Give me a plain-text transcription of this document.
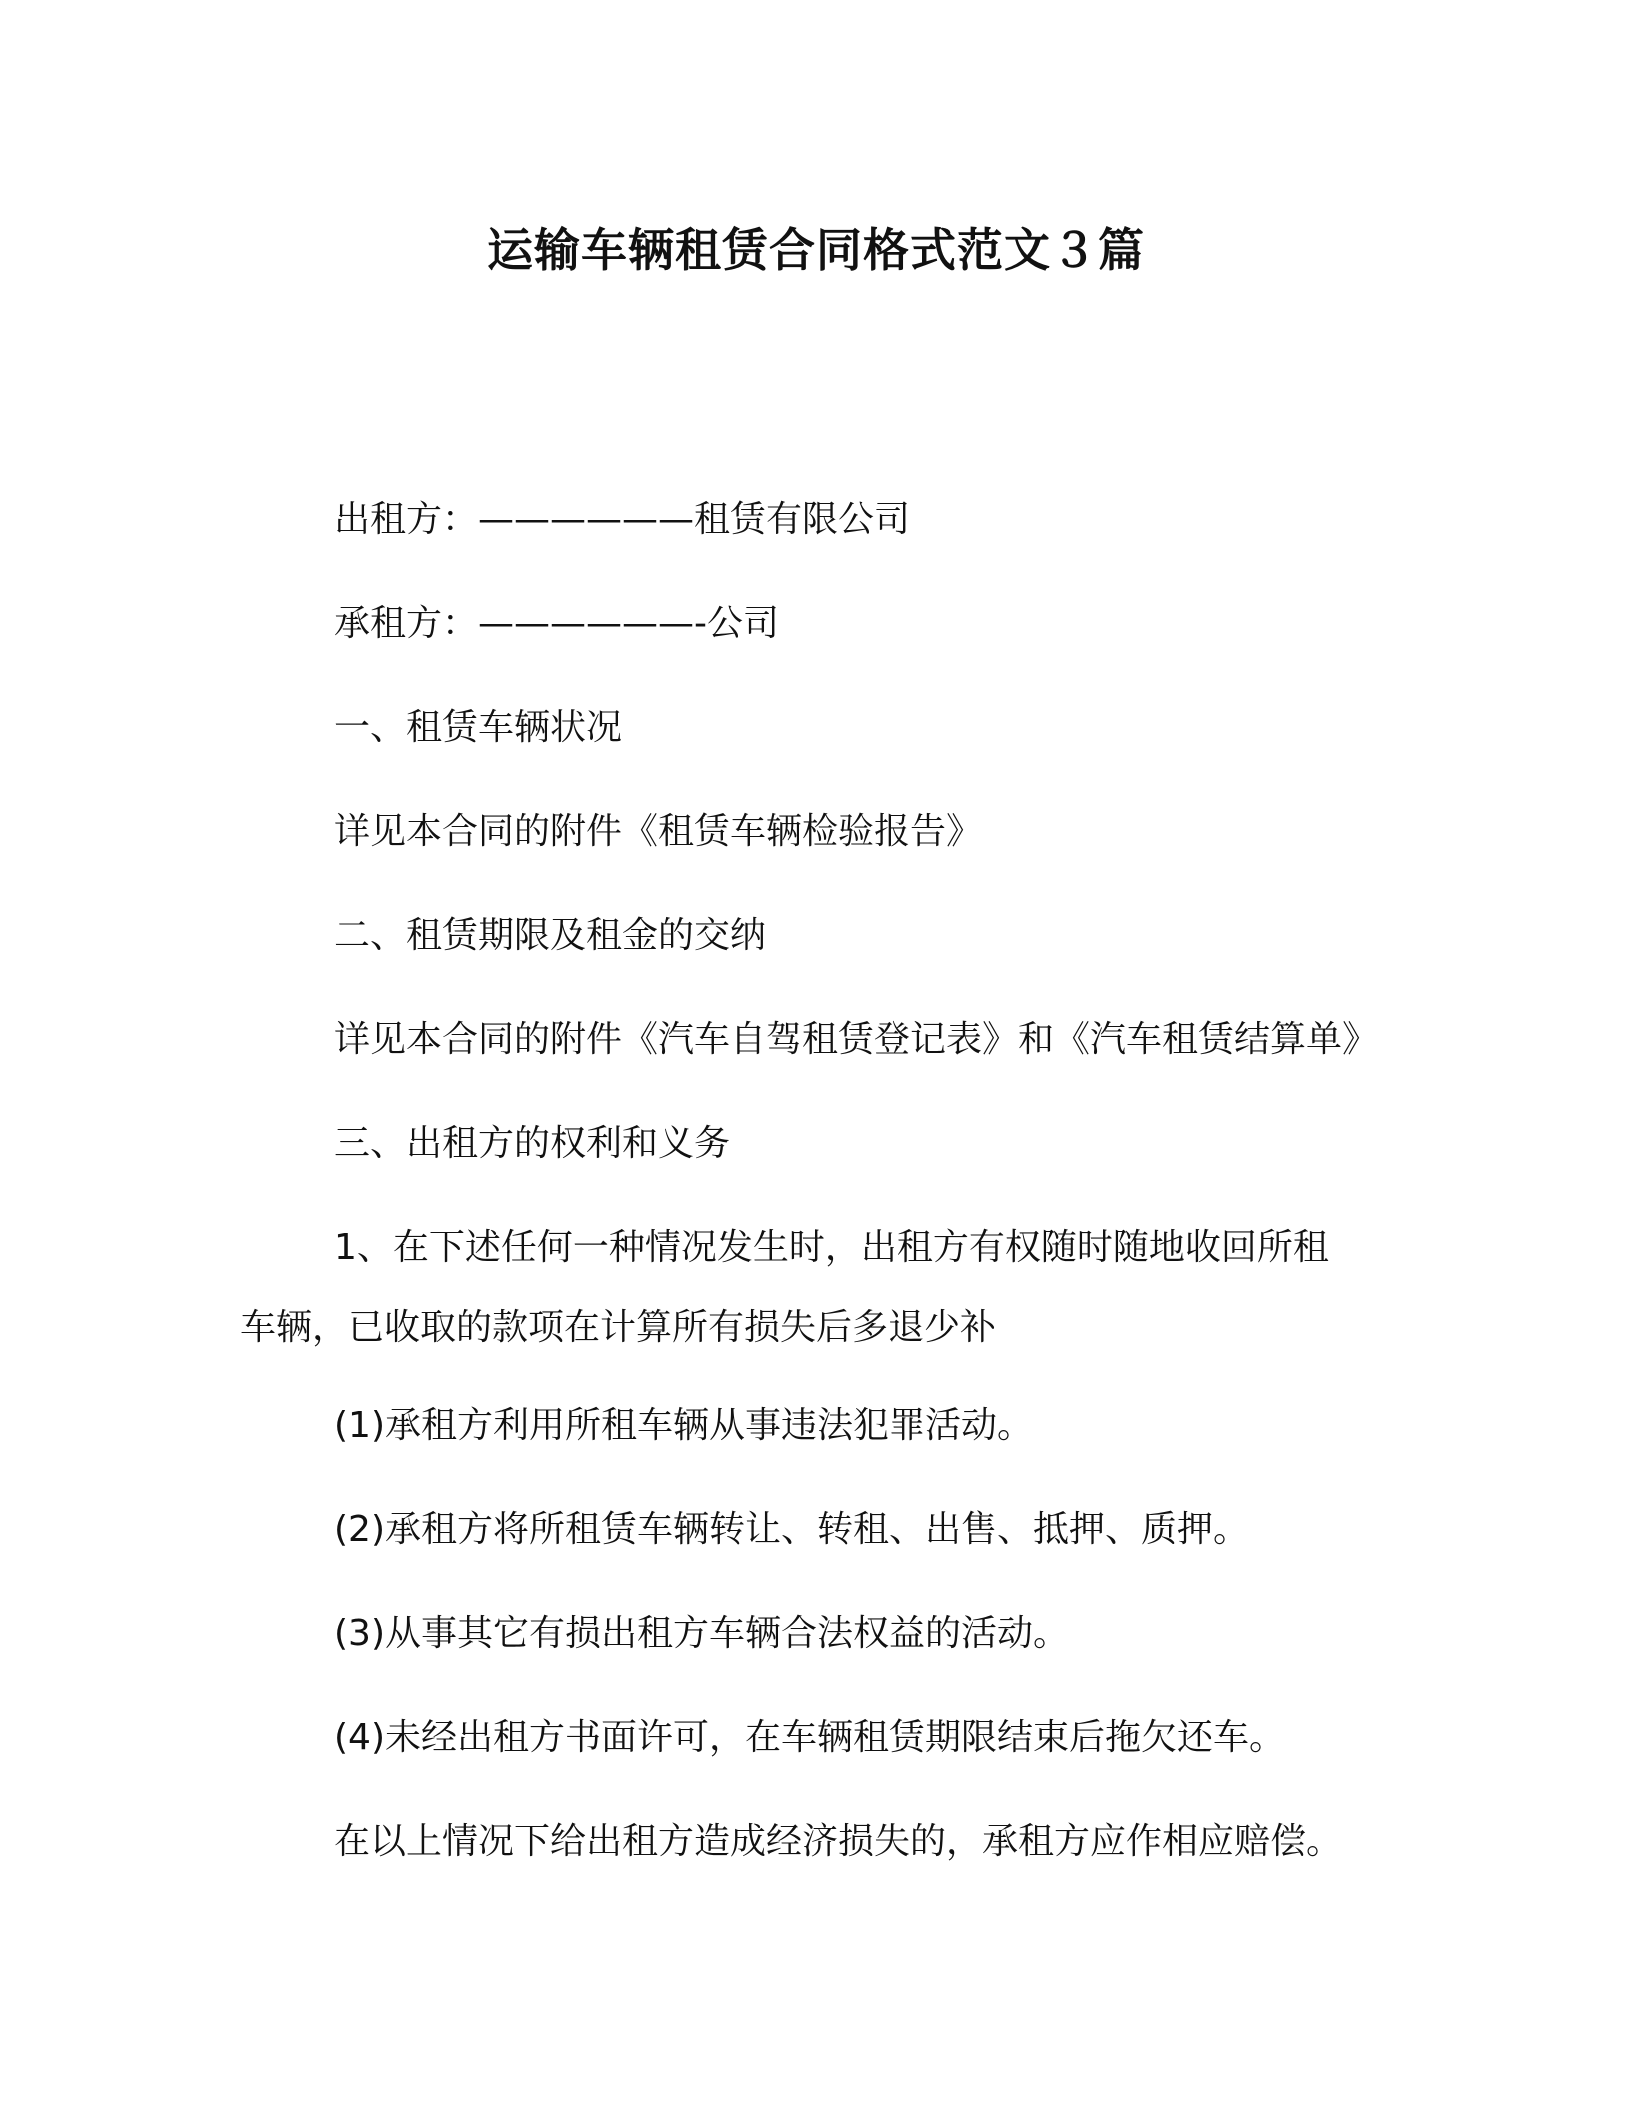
运输车辆租赁合同格式范文３篇
出租方：——————租赁有限公司
承租方：——————-公司
一、租赁车辆状况
详见本合同的附件《租赁车辆检验报告》
二、租赁期限及租金的交纳
详见本合同的附件《汽车自驾租赁登记表》和《汽车租赁结算单》
三、出租方的权利和义务
1、在下述任何一种情况发生时，出租方有权随时随地收回所租
车辆，已收取的款项在计算所有损失后多退少补
(1)承租方利用所租车辆从事违法犯罪活动。
(2)承租方将所租赁车辆转让、转租、出售、抵押、质押。
(3)从事其它有损出租方车辆合法权益的活动。
(4)未经出租方书面许可，在车辆租赁期限结束后拖欠还车。
在以上情况下给出租方造成经济损失的，承租方应作相应赔偿。
